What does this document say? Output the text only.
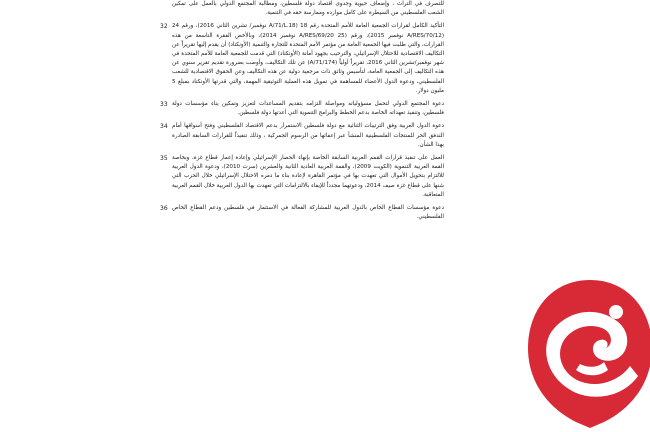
للتصرف في التراث ، وإضعاف حيوية وجدوى اقتصاد دولة فلسطين، ومطالبة المجتمع الدولي بالعمل على تمكين الشعب الفلسطيني من السيطرة على كامل موارده وممارسة حقه في التنمية.
32 التأكيد الكامل لقرارات الجمعية العامة للأمم المتحدة رقم 18 (A/71/L.18 نوفمبر/ تشرين الثاني 2016)، ورقم 24 (A/RES/70/12 نوفمبر 2015)، ورقم (A/RES/69/20 25 نوفمبر 2014)، وبالأخص الفقرة التاسعة من هذه القرارات، والتي طلبت فيها الجمعية العامة من مؤتمر الأمم المتحدة للتجارة والتنمية (الأونكتاد) أن يقدم إليها تقريراً عن التكاليف الاقتصادية للاحتلال الإسرائيلي، والترحيب بجهود أمانة (الأونكتاد) التي قدمت للجمعية العامة للأمم المتحدة في شهر نوفمبر/تشرين الثاني 2016، تقريراً أولياً (A/71/174) عن تلك التكاليف، وأوصت بضرورة تقديم تقرير سنوي عن هذه التكاليف إلى الجمعية العامة، لتأسيس وثائق ذات مرجعية دولية عن هذه التكاليف وعن الحقوق الاقتصادية للشعب الفلسطيني، ودعوة الدول الأعضاء للمساهمة في تمويل هذه العملية التوثيقية المهمة، والتي قدرتها الأونكتاد بمبلغ 5 مليون دولار.
33 دعوة المجتمع الدولي لتحمل مسؤولياته ومواصلة التزامه بتقديم المساعدات لتعزيز وتمكين بناء مؤسسات دولة فلسطين، وتنفيذ تعهداته الخاصة بدعم الخطط والبرامج التنموية التي أعدتها دولة فلسطين.
34 دعوة الدول العربية وفق الترتيبات الثنائية مع دولة فلسطين الاستمرار بدعم الاقتصاد الفلسطيني وفتح أسواقها أمام التدفق الحر للمنتجات الفلسطينية المنشأ عبر إعفائها من الرسوم الجمركية ، وذلك تنفيذاً للقرارات السابقة الصادرة بهذا الشأن.
35 العمل على تنفيذ قرارات القمم العربية السابقة الخاصة بإنهاء الحصار الإسرائيلي وإعادة إعمار قطاع غزة، وبخاصة القمة العربية التنموية (الكويت 2009)، والقمة العربية العادية الثانية والعشرين (سرت 2010)، ودعوة الدول العربية للالتزام بتحويل الأموال التي تعهدت بها في مؤتمر القاهرة لإعادة بناء ما دمره الاحتلال الإسرائيلي خلال الحرب التي شنها على قطاع غزة صيف 2014، ودعوتهما مجدداً للإيفاء بالالتزامات التي تعهدت بها الدول العربية خلال القمم العربية المتعاقبة.
36 دعوة مؤسسات القطاع الخاص بالدول العربية للمشاركة الفعالة في الاستثمار في فلسطين ودعم القطاع الخاص الفلسطيني.
